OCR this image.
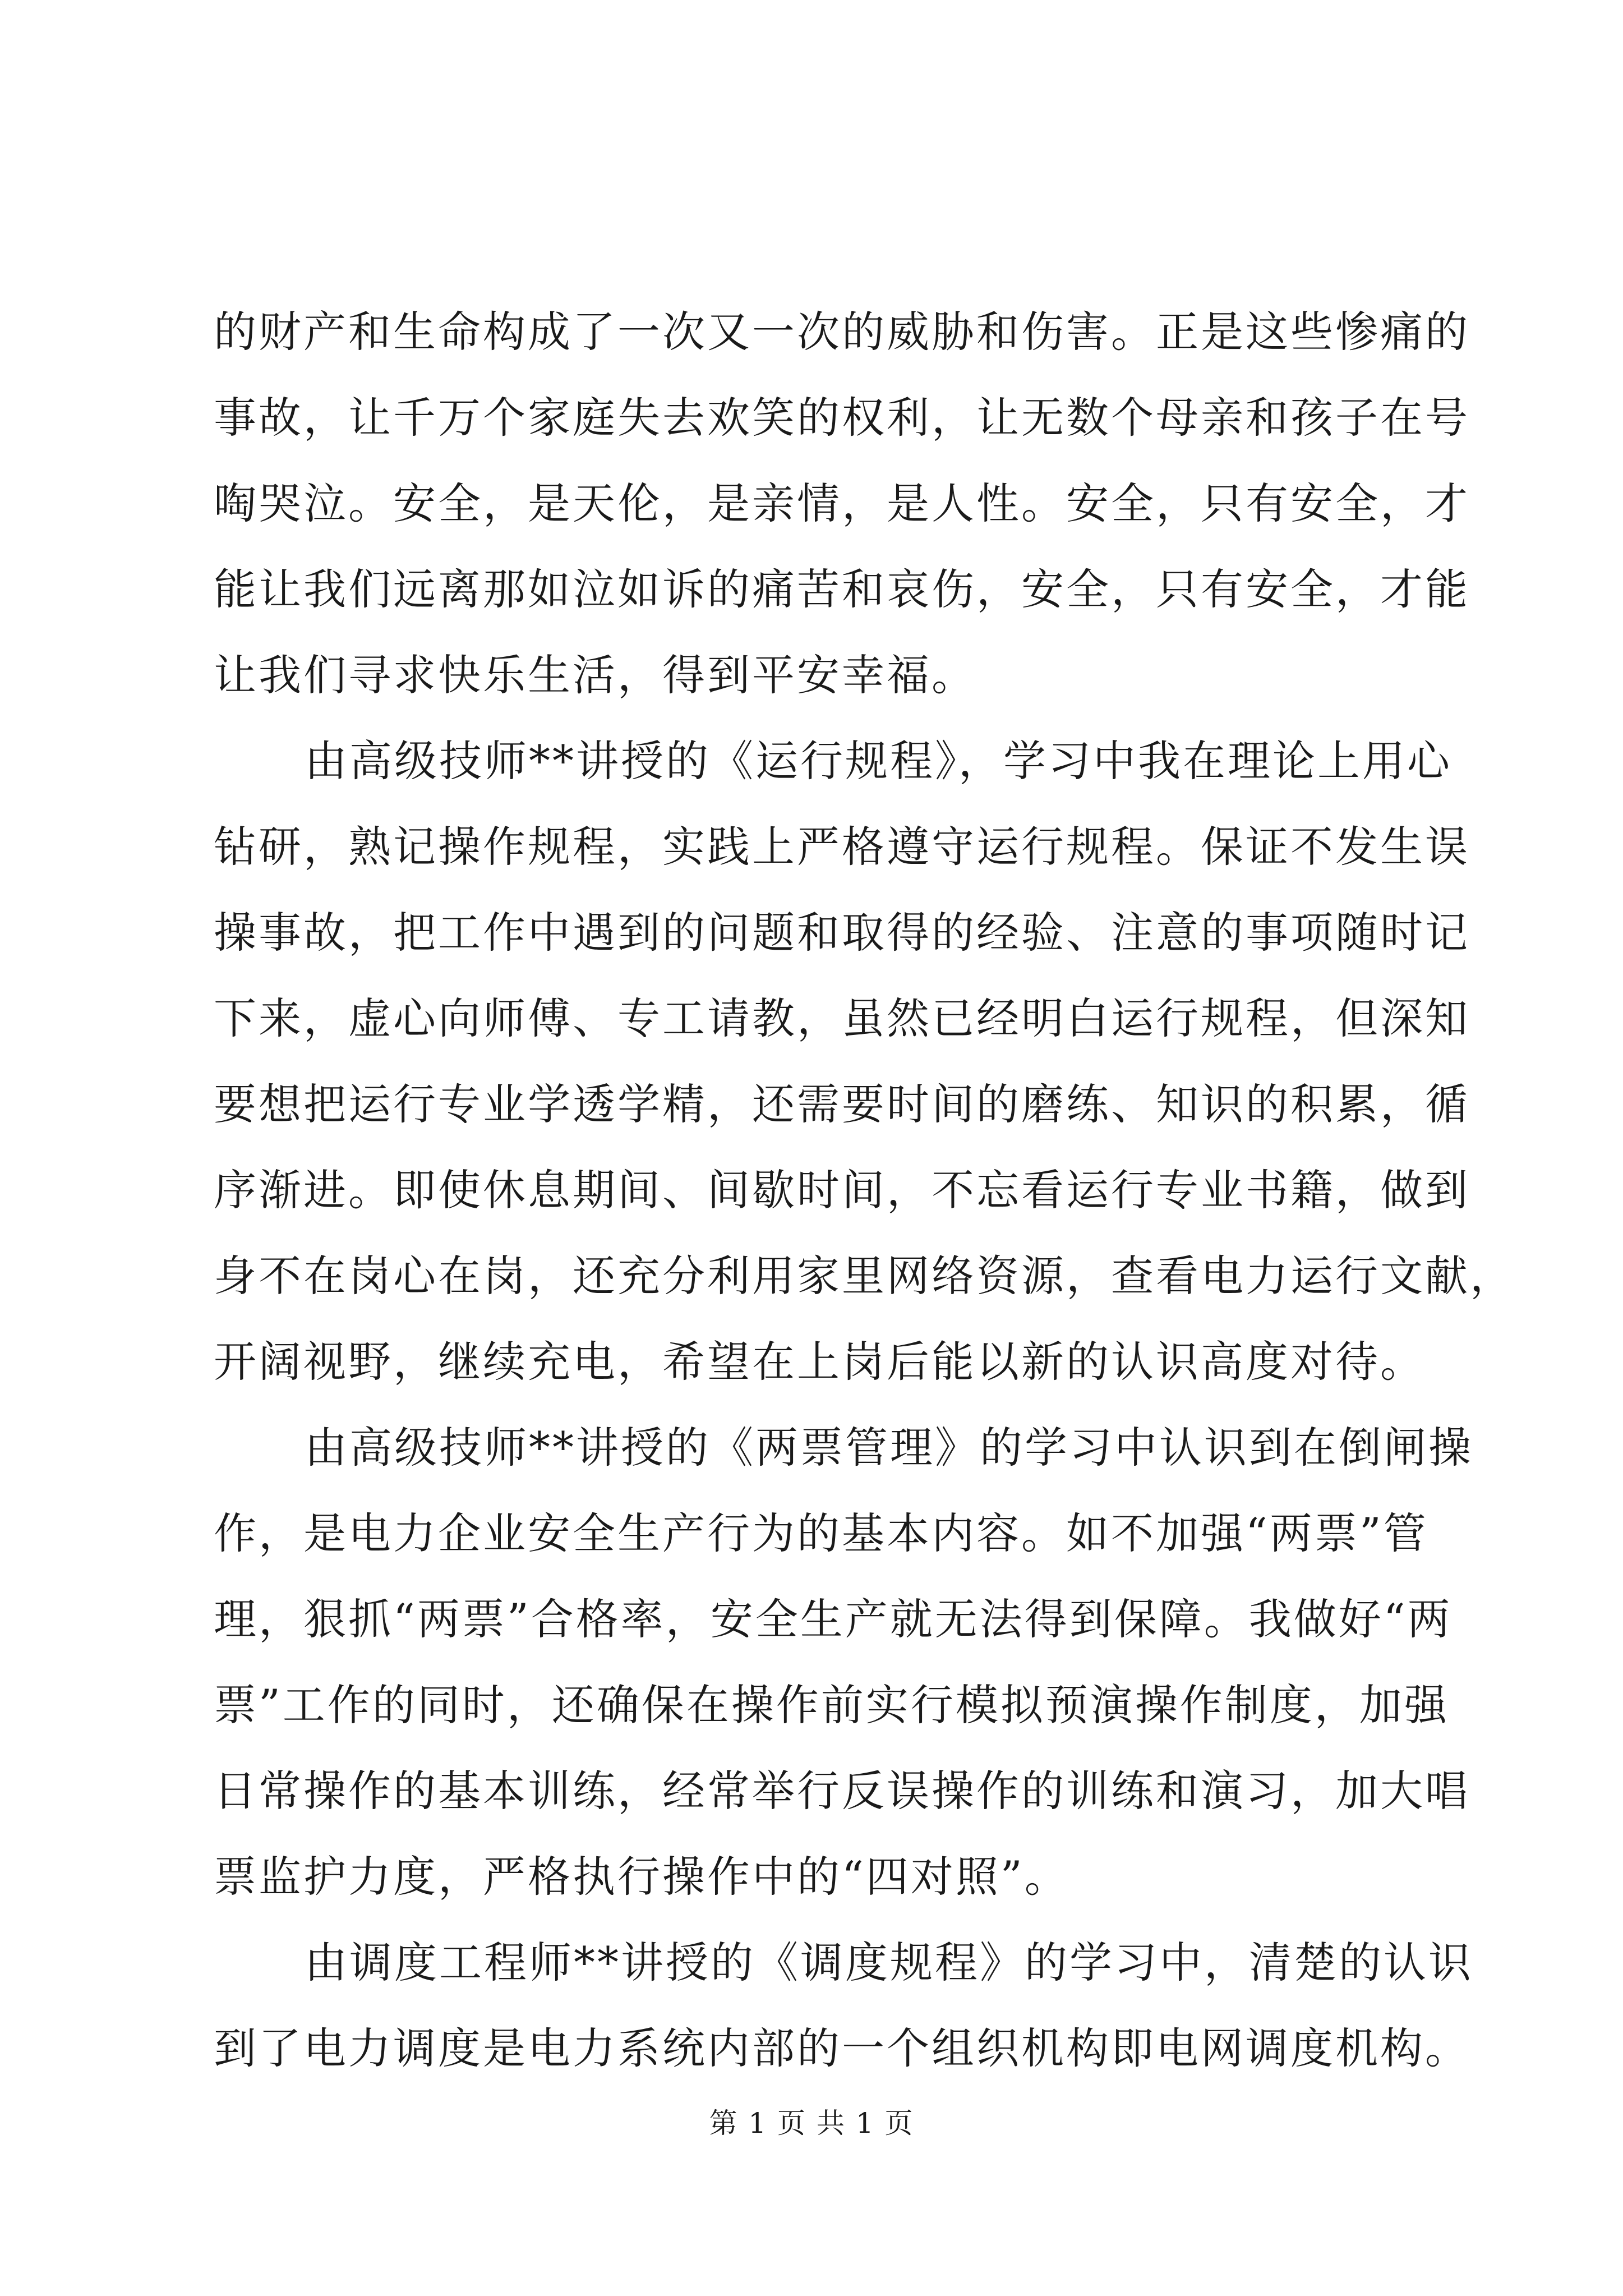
的财产和生命构成了一次又一次的威胁和伤害。正是这些惨痛的
事故，让千万个家庭失去欢笑的权利，让无数个母亲和孩子在号
啕哭泣。安全，是天伦，是亲情，是人性。安全，只有安全，才
能让我们远离那如泣如诉的痛苦和哀伤，安全，只有安全，才能
让我们寻求快乐生活，得到平安幸福。
由高级技师**讲授的《运行规程》，学习中我在理论上用心
钻研，熟记操作规程，实践上严格遵守运行规程。保证不发生误
操事故，把工作中遇到的问题和取得的经验、注意的事项随时记
下来，虚心向师傅、专工请教，虽然已经明白运行规程，但深知
要想把运行专业学透学精，还需要时间的磨练、知识的积累，循
序渐进。即使休息期间、间歇时间，不忘看运行专业书籍，做到
身不在岗心在岗，还充分利用家里网络资源，查看电力运行文献，
开阔视野，继续充电，希望在上岗后能以新的认识高度对待。
由高级技师**讲授的《两票管理》的学习中认识到在倒闸操
作，是电力企业安全生产行为的基本内容。如不加强“两票”管
理，狠抓“两票”合格率，安全生产就无法得到保障。我做好“两
票”工作的同时，还确保在操作前实行模拟预演操作制度，加强
日常操作的基本训练，经常举行反误操作的训练和演习，加大唱
票监护力度，严格执行操作中的“四对照”。
由调度工程师**讲授的《调度规程》的学习中，清楚的认识
到了电力调度是电力系统内部的一个组织机构即电网调度机构。
第 1 页 共 1 页
